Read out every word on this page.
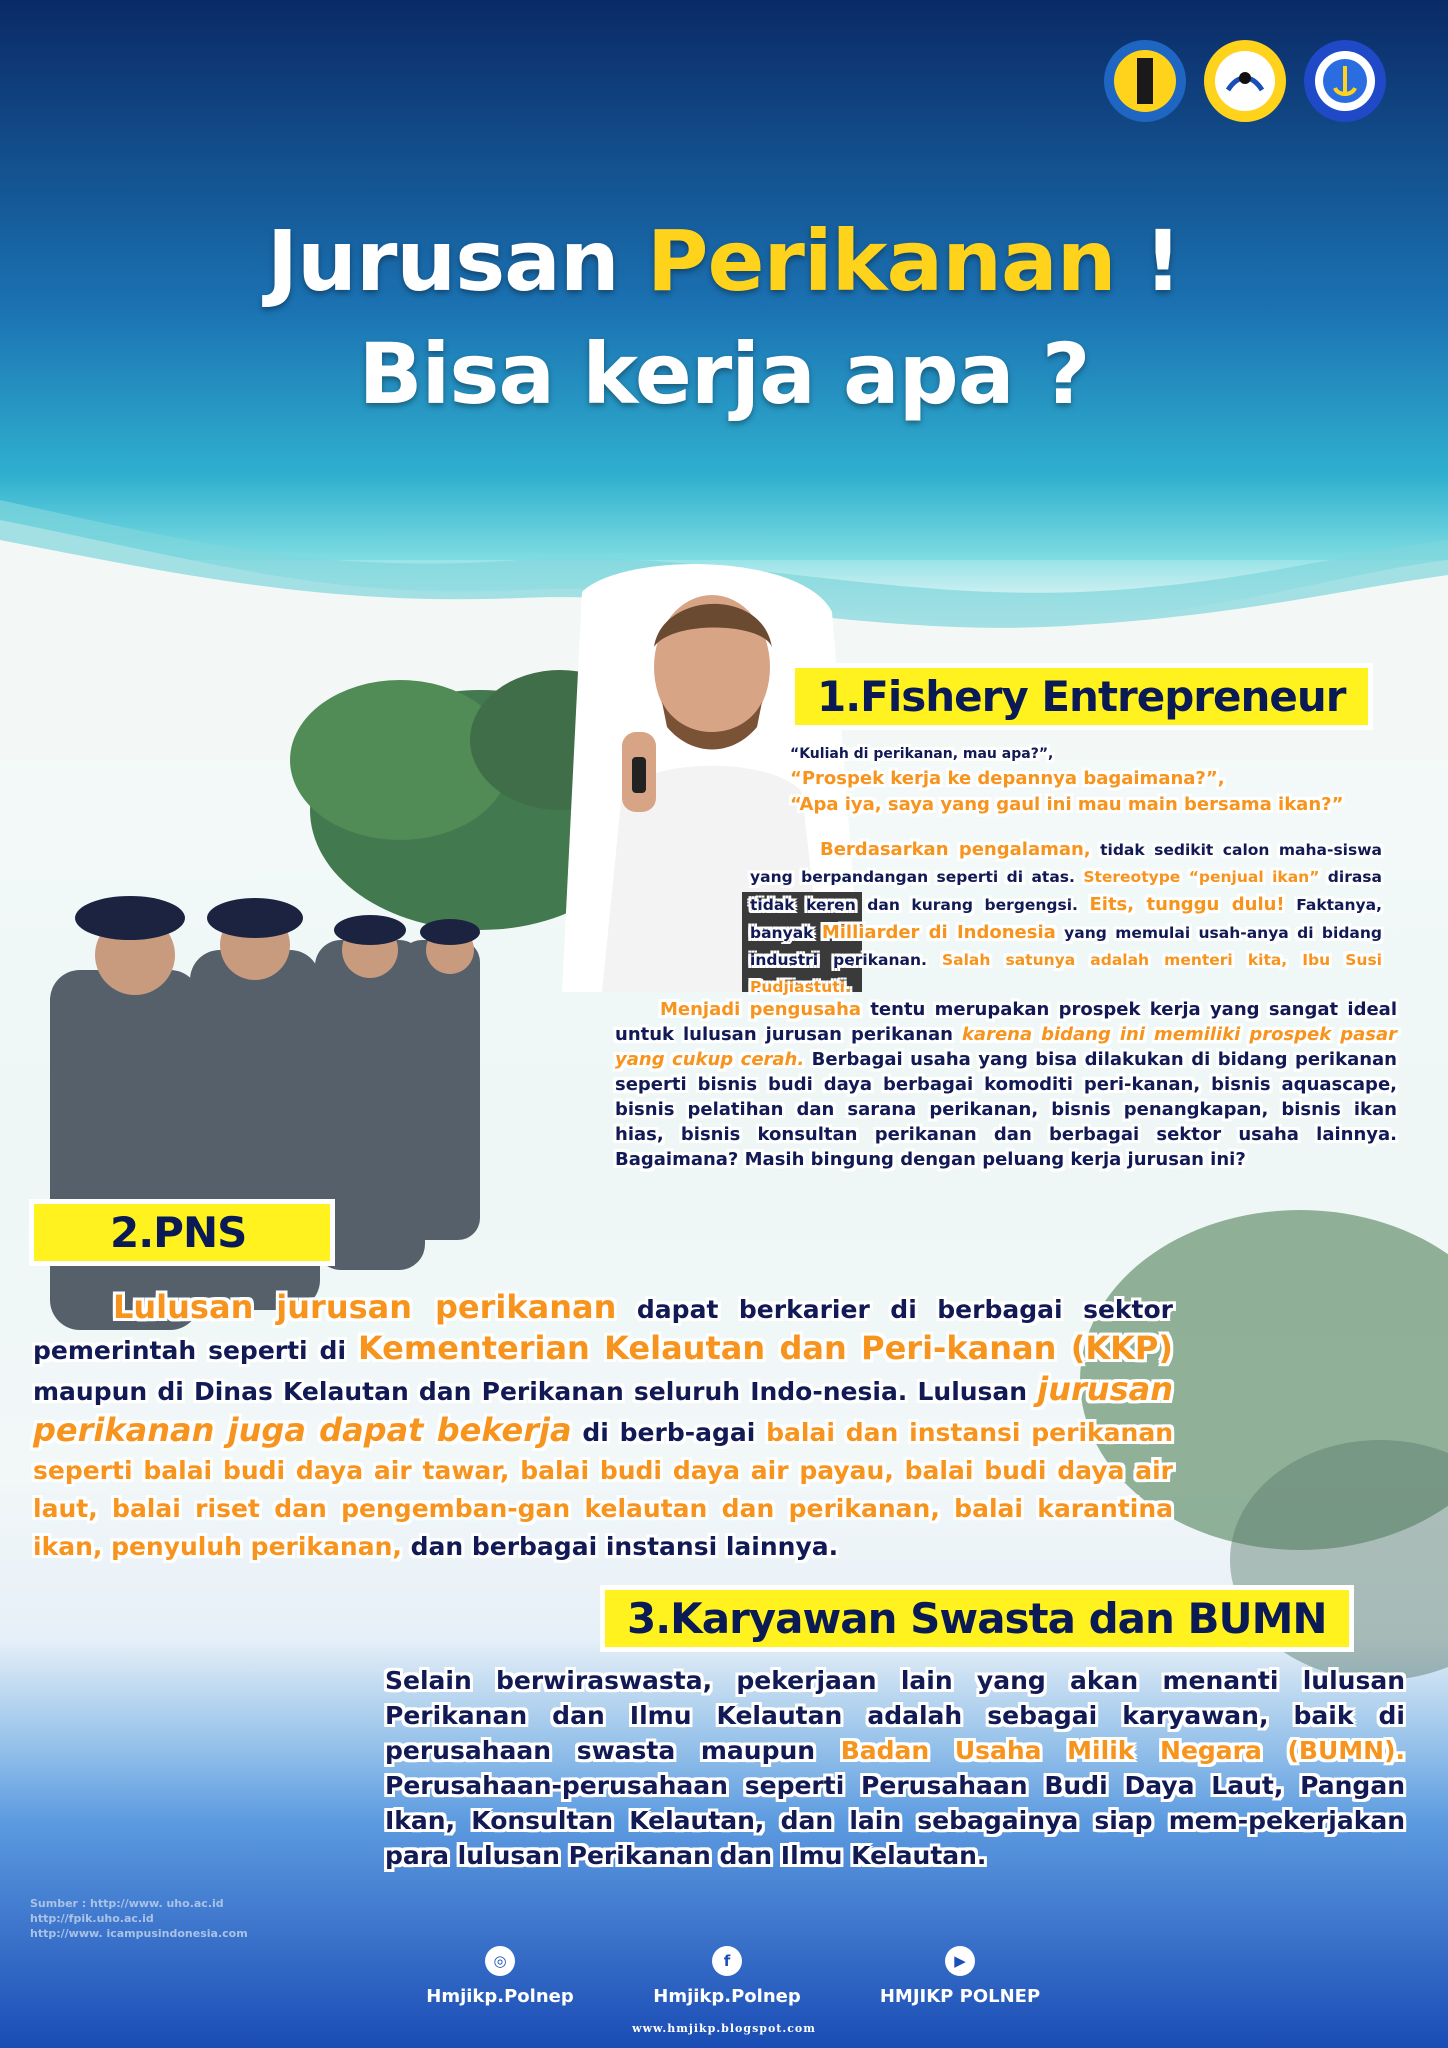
Jurusan Perikanan !
Bisa kerja apa ?
1.Fishery Entrepreneur

“Kuliah di perikanan, mau apa?”,

“Prospek kerja ke depannya bagaimana?”,

“Apa iya, saya yang gaul ini mau main bersama ikan?”

Berdasarkan pengalaman, tidak sedikit calon maha-siswa yang berpandangan seperti di atas. Stereotype “penjual ikan” dirasa tidak keren dan kurang bergengsi. Eits, tunggu dulu! Faktanya, banyak Milliarder di Indonesia yang memulai usah-anya di bidang industri perikanan. Salah satunya adalah menteri kita, Ibu Susi Pudjiastuti.
Menjadi pengusaha tentu merupakan prospek kerja yang sangat ideal untuk lulusan jurusan perikanan karena bidang ini memiliki prospek pasar yang cukup cerah. Berbagai usaha yang bisa dilakukan di bidang perikanan seperti bisnis budi daya berbagai komoditi peri-kanan, bisnis aquascape, bisnis pelatihan dan sarana perikanan, bisnis penangkapan, bisnis ikan hias, bisnis konsultan perikanan dan berbagai sektor usaha lainnya. Bagaimana? Masih bingung dengan peluang kerja jurusan ini?
2.PNS
Lulusan jurusan perikanan dapat berkarier di berbagai sektor pemerintah seperti di Kementerian Kelautan dan Peri-kanan (KKP) maupun di Dinas Kelautan dan Perikanan seluruh Indo-nesia. Lulusan jurusan perikanan juga dapat bekerja di berb-agai balai dan instansi perikanan seperti balai budi daya air tawar, balai budi daya air payau, balai budi daya air laut, balai riset dan pengemban-gan kelautan dan perikanan, balai karantina ikan, penyuluh perikanan, dan berbagai instansi lainnya.
3.Karyawan Swasta dan BUMN
Selain berwiraswasta, pekerjaan lain yang akan menanti lulusan Perikanan dan Ilmu Kelautan adalah sebagai karyawan, baik di perusahaan swasta maupun Badan Usaha Milik Negara (BUMN). Perusahaan-perusahaan seperti Perusahaan Budi Daya Laut, Pangan Ikan, Konsultan Kelautan, dan lain sebagainya siap mem-pekerjakan para lulusan Perikanan dan Ilmu Kelautan.
Sumber : http://www. uho.ac.id
http://fpik.uho.ac.id
http://www. icampusindonesia.com
◎
Hmjikp.Polnep
f
Hmjikp.Polnep
▶
HMJIKP POLNEP
www.hmjikp.blogspot.com
